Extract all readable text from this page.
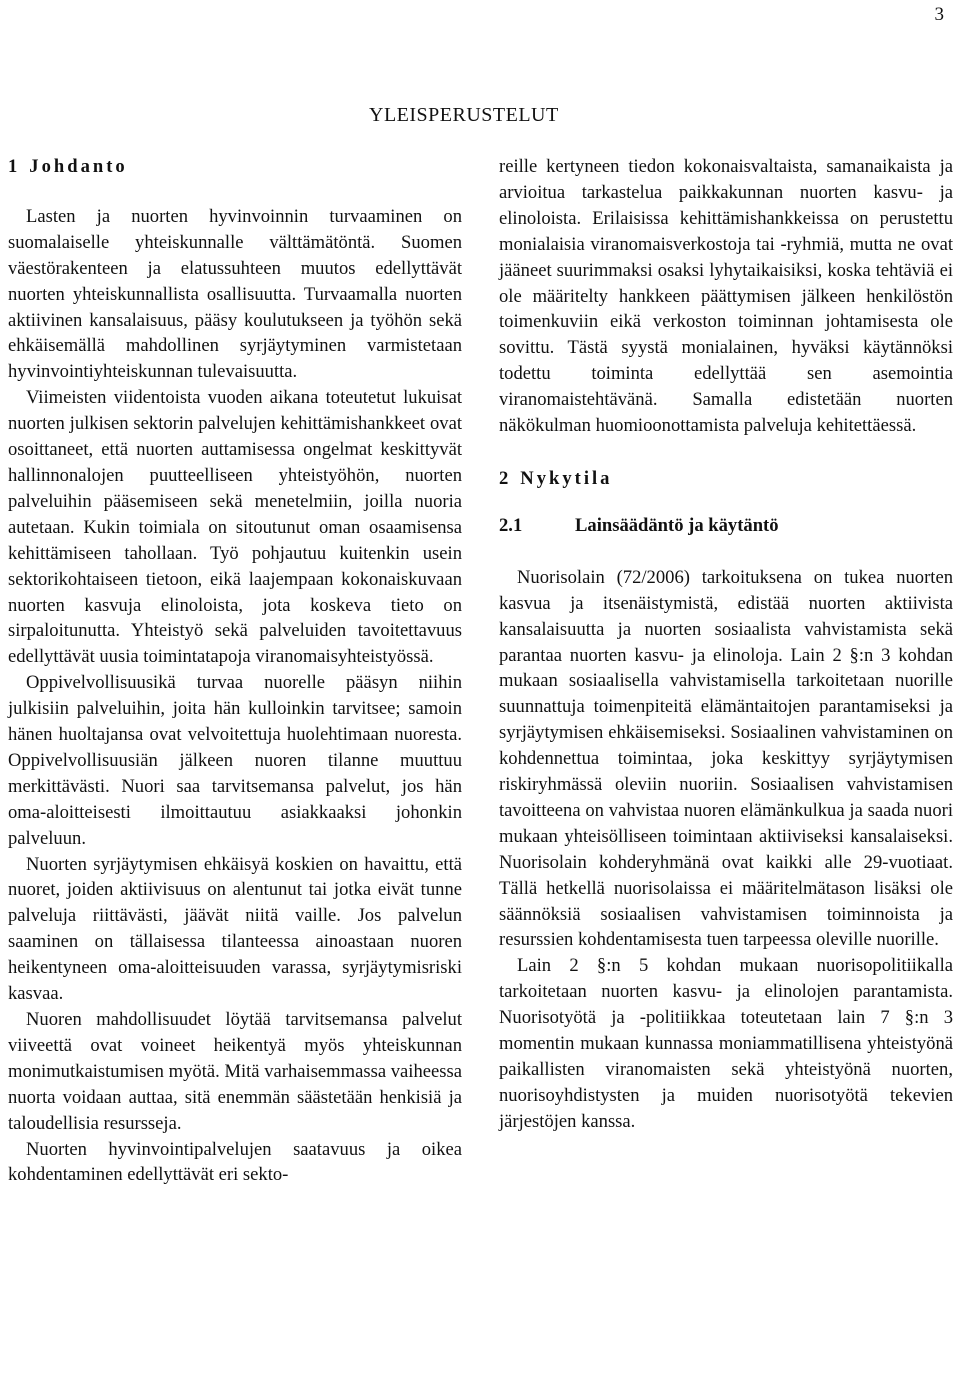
3
YLEISPERUSTELUT
1 Johdanto

Lasten ja nuorten hyvinvoinnin turvaaminen on suomalaiselle yhteiskunnalle välttämätöntä. Suomen väestörakenteen ja elatussuhteen muutos edellyttävät nuorten yhteiskunnallista osallisuutta. Turvaamalla nuorten aktiivinen kansalaisuus, pääsy koulutukseen ja työhön sekä ehkäisemällä mahdollinen syrjäytyminen varmistetaan hyvinvointiyhteiskunnan tulevaisuutta.

Viimeisten viidentoista vuoden aikana toteutetut lukuisat nuorten julkisen sektorin palvelujen kehittämishankkeet ovat osoittaneet, että nuorten auttamisessa ongelmat keskittyvät hallinnonalojen puutteelliseen yhteistyöhön, nuorten palveluihin pääsemiseen sekä menetelmiin, joilla nuoria autetaan. Kukin toimiala on sitoutunut oman osaamisensa kehittämiseen tahollaan. Työ pohjautuu kuitenkin usein sektorikohtaiseen tietoon, eikä laajempaan kokonaiskuvaan nuorten kasvuja elinoloista, jota koskeva tieto on sirpaloitunutta. Yhteistyö sekä palveluiden tavoitettavuus edellyttävät uusia toimintatapoja viranomaisyhteistyössä.

Oppivelvollisuusikä turvaa nuorelle pääsyn niihin julkisiin palveluihin, joita hän kulloinkin tarvitsee; samoin hänen huoltajansa ovat velvoitettuja huolehtimaan nuoresta. Oppivelvollisuusiän jälkeen nuoren tilanne muuttuu merkittävästi. Nuori saa tarvitsemansa palvelut, jos hän oma-aloitteisesti ilmoittautuu asiakkaaksi johonkin palveluun.

Nuorten syrjäytymisen ehkäisyä koskien on havaittu, että nuoret, joiden aktiivisuus on alentunut tai jotka eivät tunne palveluja riittävästi, jäävät niitä vaille. Jos palvelun saaminen on tällaisessa tilanteessa ainoastaan nuoren heikentyneen oma-aloitteisuuden varassa, syrjäytymisriski kasvaa.

Nuoren mahdollisuudet löytää tarvitsemansa palvelut viiveettä ovat voineet heikentyä myös yhteiskunnan monimutkaistumisen myötä. Mitä varhaisemmassa vaiheessa nuorta voidaan auttaa, sitä enemmän säästetään henkisiä ja taloudellisia resursseja.

Nuorten hyvinvointipalvelujen saatavuus ja oikea kohdentaminen edellyttävät eri sekto-

reille kertyneen tiedon kokonaisvaltaista, samanaikaista ja arvioitua tarkastelua paikkakunnan nuorten kasvu- ja elinoloista. Erilaisissa kehittämishankkeissa on perustettu monialaisia viranomaisverkostoja tai -ryhmiä, mutta ne ovat jääneet suurimmaksi osaksi lyhytaikaisiksi, koska tehtäviä ei ole määritelty hankkeen päättymisen jälkeen henkilöstön toimenkuviin eikä verkoston toiminnan johtamisesta ole sovittu. Tästä syystä monialainen, hyväksi käytännöksi todettu toiminta edellyttää sen asemointia viranomaistehtävänä. Samalla edistetään nuorten näkökulman huomioonottamista palveluja kehitettäessä.

2 Nykytila
2.1	Lainsäädäntö ja käytäntö

Nuorisolain (72/2006) tarkoituksena on tukea nuorten kasvua ja itsenäistymistä, edistää nuorten aktiivista kansalaisuutta ja nuorten sosiaalista vahvistamista sekä parantaa nuorten kasvu- ja elinoloja. Lain 2 §:n 3 kohdan mukaan sosiaalisella vahvistamisella tarkoitetaan nuorille suunnattuja toimenpiteitä elämäntaitojen parantamiseksi ja syrjäytymisen ehkäisemiseksi. Sosiaalinen vahvistaminen on kohdennettua toimintaa, joka keskittyy syrjäytymisen riskiryhmässä oleviin nuoriin. Sosiaalisen vahvistamisen tavoitteena on vahvistaa nuoren elämänkulkua ja saada nuori mukaan yhteisölliseen toimintaan aktiiviseksi kansalaiseksi. Nuorisolain kohderyhmänä ovat kaikki alle 29-vuotiaat. Tällä hetkellä nuorisolaissa ei määritelmätason lisäksi ole säännöksiä sosiaalisen vahvistamisen toiminnoista ja resurssien kohdentamisesta tuen tarpeessa oleville nuorille.

Lain 2 §:n 5 kohdan mukaan nuorisopolitiikalla tarkoitetaan nuorten kasvu- ja elinolojen parantamista. Nuorisotyötä ja -politiikkaa toteutetaan lain 7 §:n 3 momentin mukaan kunnassa moniammatillisena yhteistyönä paikallisten viranomaisten sekä yhteistyönä nuorten, nuorisoyhdistysten ja muiden nuorisotyötä tekevien järjestöjen kanssa.
